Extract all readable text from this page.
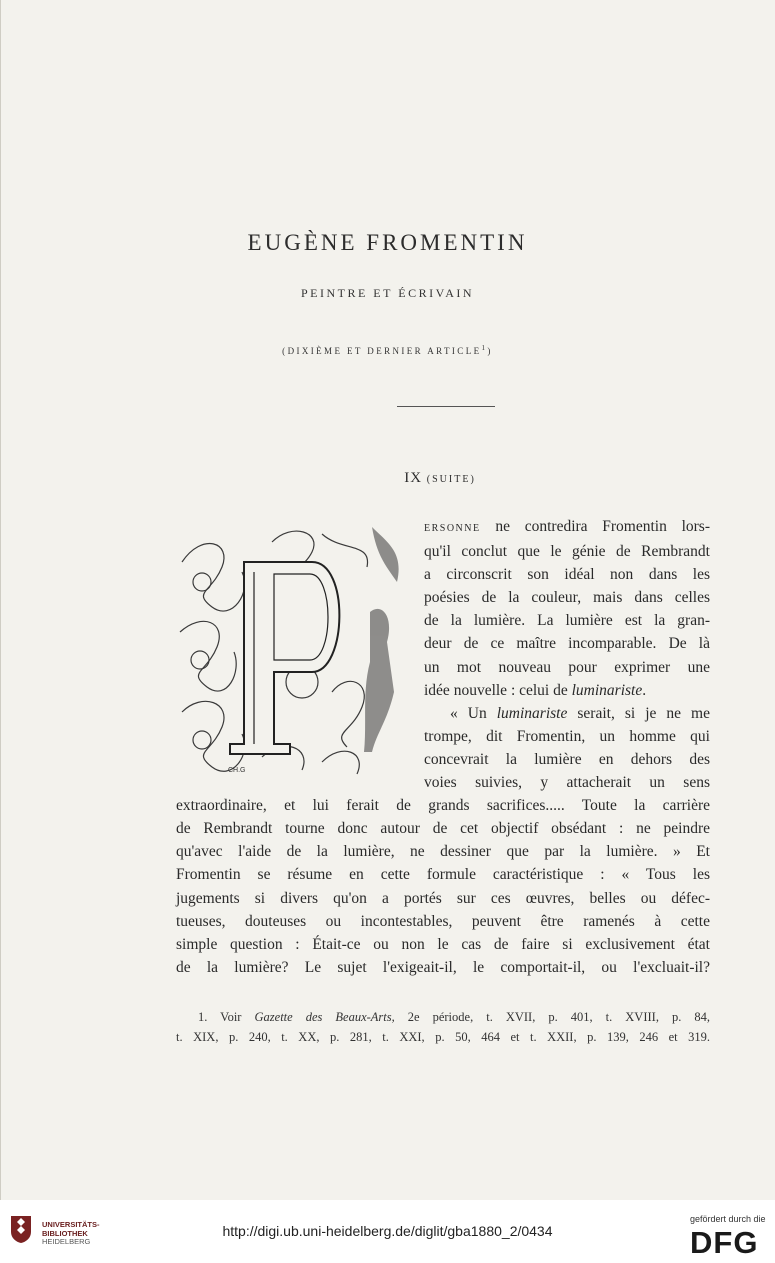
EUGÈNE FROMENTIN
PEINTRE ET ÉCRIVAIN
(DIXIÈME ET DERNIER ARTICLE$^1$)
IX (SUITE)
CH.G
ERSONNE ne contredira Fromentin lors-
qu'il conclut que le génie de Rembrandt
a circonscrit son idéal non dans les
poésies de la couleur, mais dans celles
de la lumière. La lumière est la gran-
deur de ce maître incomparable. De là
un mot nouveau pour exprimer une
idée nouvelle : celui de luminariste.
« Un luminariste serait, si je ne me
trompe, dit Fromentin, un homme qui
concevrait la lumière en dehors des
voies suivies, y attacherait un sens
extraordinaire, et lui ferait de grands sacrifices..... Toute la carrière
de Rembrandt tourne donc autour de cet objectif obsédant : ne peindre
qu'avec l'aide de la lumière, ne dessiner que par la lumière. » Et
Fromentin se résume en cette formule caractéristique : « Tous les
jugements si divers qu'on a portés sur ces œuvres, belles ou défec-
tueuses, douteuses ou incontestables, peuvent être ramenés à cette
simple question : Était-ce ou non le cas de faire si exclusivement état
de la lumière? Le sujet l'exigeait-il, le comportait-il, ou l'excluait-il?
1. Voir Gazette des Beaux-Arts, 2e période, t. XVII, p. 401, t. XVIII, p. 84,
t. XIX, p. 240, t. XX, p. 281, t. XXI, p. 50, 464 et t. XXII, p. 139, 246 et 319.
UNIVERSITÄTS-
BIBLIOTHEK
HEIDELBERG
http://digi.ub.uni-heidelberg.de/diglit/gba1880_2/0434
gefördert durch die
DFG
